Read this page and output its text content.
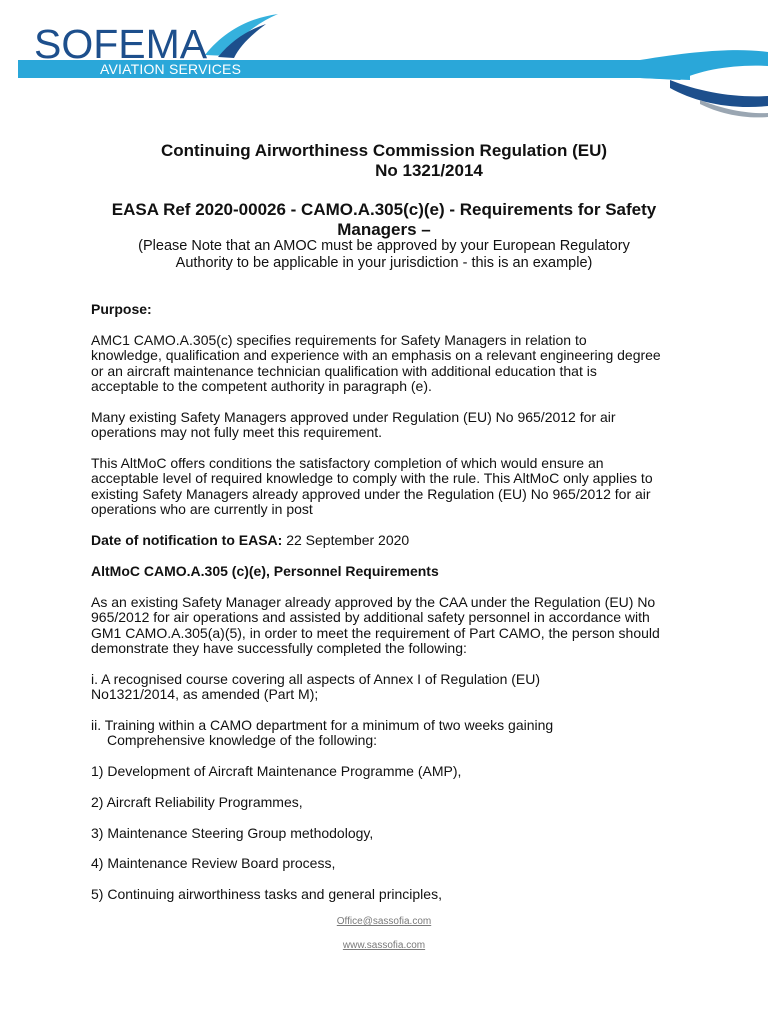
SOFEMA
AVIATION SERVICES
Continuing Airworthiness Commission Regulation (EU)
No 1321/2014
EASA Ref 2020-00026 - CAMO.A.305(c)(e) - Requirements for Safety
Managers –
(Please Note that an AMOC must be approved by your European Regulatory
Authority to be applicable in your jurisdiction - this is an example)
Purpose:
AMC1 CAMO.A.305(c) specifies requirements for Safety Managers in relation to
knowledge, qualification and experience with an emphasis on a relevant engineering degree
or an aircraft maintenance technician qualification with additional education that is
acceptable to the competent authority in paragraph (e).
Many existing Safety Managers approved under Regulation (EU) No 965/2012 for air
operations may not fully meet this requirement.
This AltMoC offers conditions the satisfactory completion of which would ensure an
acceptable level of required knowledge to comply with the rule. This AltMoC only applies to
existing Safety Managers already approved under the Regulation (EU) No 965/2012 for air
operations who are currently in post
Date of notification to EASA: 22 September 2020
AltMoC CAMO.A.305 (c)(e), Personnel Requirements
As an existing Safety Manager already approved by the CAA under the Regulation (EU) No
965/2012 for air operations and assisted by additional safety personnel in accordance with
GM1 CAMO.A.305(a)(5), in order to meet the requirement of Part CAMO, the person should
demonstrate they have successfully completed the following:
i. A recognised course covering all aspects of Annex I of Regulation (EU)
No1321/2014, as amended (Part M);
ii. Training within a CAMO department for a minimum of two weeks gaining
Comprehensive knowledge of the following:
1) Development of Aircraft Maintenance Programme (AMP),
2) Aircraft Reliability Programmes,
3) Maintenance Steering Group methodology,
4) Maintenance Review Board process,
5) Continuing airworthiness tasks and general principles,
Office@sassofia.com
www.sassofia.com
